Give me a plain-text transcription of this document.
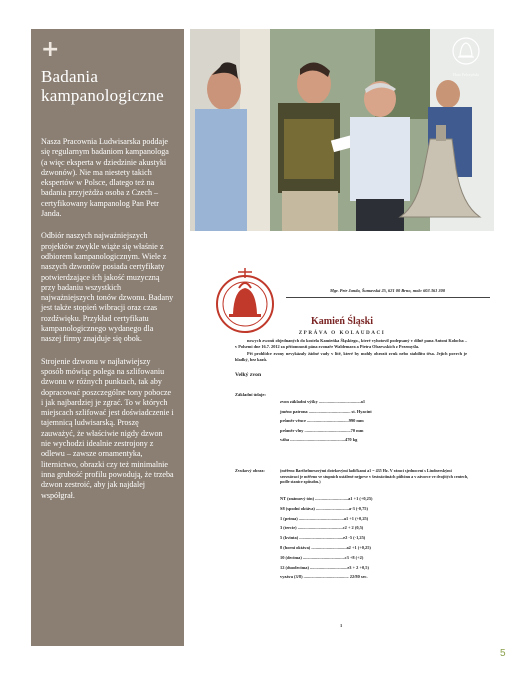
+
Badania
kampanologiczne
Nasza Pracownia Ludwisarska poddaje się regularnym badaniom kampanologa (a więc eksperta w dziedzinie akustyki dzwonów). Nie ma niestety takich ekspertów w Polsce, dlatego też na badania przyjeżdża osoba z Czech – certyfikowany kampanolog Pan Petr Janda.
Odbiór naszych najważniejszych projektów zwykle wiąże się właśnie z odbiorem kampanologicznym. Wiele z naszych dzwonów posiada certyfikaty potwierdzające ich jakość muzyczną przy badaniu wszystkich najważniejszych tonów dzwonu. Badany jest także stopień wibracji oraz czas rozdźwięku. Przykład certyfikatu kampanologicznego wydanego dla naszej firmy znajduje się obok.
Strojenie dzwonu w najłatwiejszy sposób mówiąc polega na szlifowaniu dzwonu w różnych punktach, tak aby dopracować poszczególne tony pobocze i jak najbardziej je zgrać. To w których miejscach szlifować jest doświadczenie i tajemnicą ludwisarską. Proszę zauważyć, że właściwie nigdy dzwon nie wychodzi idealnie zestrojony z odlewu – zawsze ornamentyka, liternictwo, obrazki czy też minimalnie inna grubość profilu powodują, że trzeba dzwon zestroić, aby jak najdalej współgrał.
Huta Felczyński
Mgr. Petr Janda, Šumavská 25, 621 00 Brno, mob: 603 361 300
Kamień Śląski
ZPRÁVA O KOLAUDACI

nowych zwonů objednaných do kostela Kamieńka Śląskiego., které vyhotovil podepsaný v dílně pana Antoni Kolocha – v Polsemi dne 16.7. 2012 za přítomnosti pána zvonaře Waldemara a Pietra Olszewskich z Przemyśla.

Při prohlídce zvony nevykázaly žádné vady v litě, které by mohly ohrozit zvuk nebo stabilitu těsa. Jejich povrch je hladký, bez kazů.

Velký zvon
Základní údaje:
zvon základní výšky ......................................a1
jméno patrona ...................................... st. Hyacint
průměr věnce ......................................990 mm
průměr vlny ..........................................70 mm
váha ..................................................470 kg
Zvukový obraz:	(měřeno Barthelmesovými dotekovými ladičkami a1 = 435 Hz. V rámci sjednocení s Lindnerskými srovnávací je měřeno ve stupních ustálené nejprve v šestnáctinách půltónu a v závorce ve dvojitých centech, podle stanice způsobu.)
NT (známový tón) ..............................a1 +1 (+0,25)
S8 (spodní oktáva) ..............................a-3 (-0,75)
1 (prima) .........................................a1 +1 (+0,25)
3 (tercie) .........................................c2 + 2 (0,5)
5 (kvinta) ........................................e2 -5 (-1,25)
8 (horní oktáva) ................................a2 +1 (+0,25)
10 (decima) ......................................c3 +8 (+2)
12 (duodecima) ..................................e3 + 2 +0,5)
vyzáva (3/8) ......................................... 22/80 sec.
1
5
